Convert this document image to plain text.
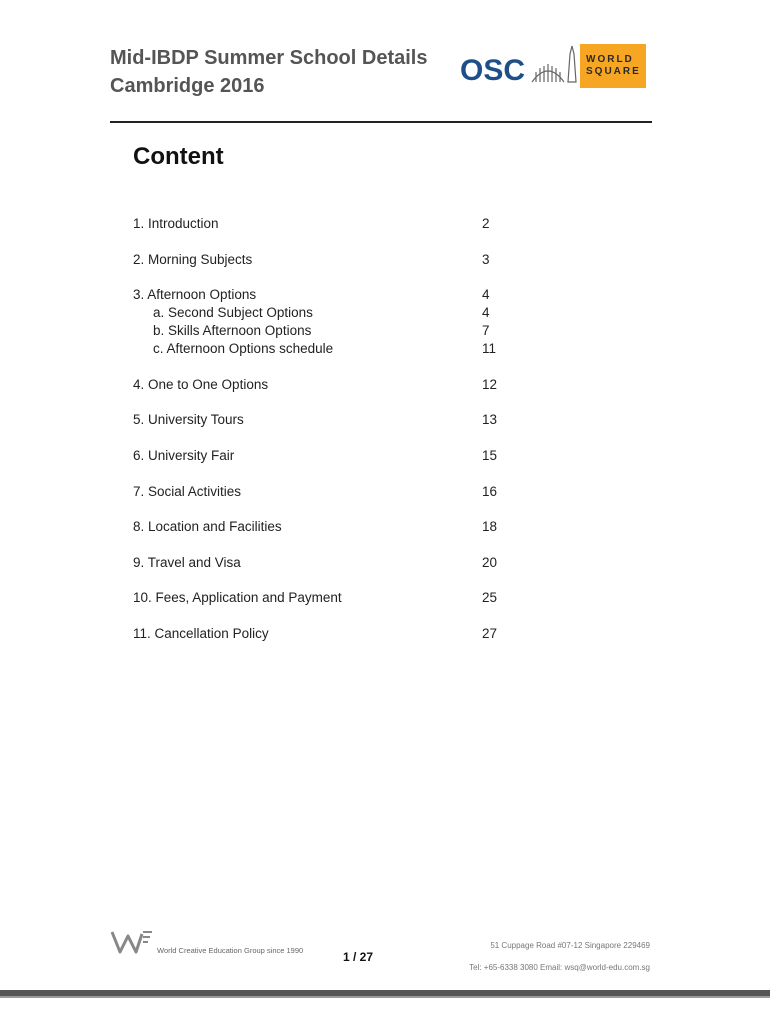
Mid-IBDP Summer School Details
Cambridge 2016	OSC	WORLD
SQUARE
Content
1. Introduction	2
2. Morning Subjects	3
3. Afternoon Options	4
a. Second Subject Options	4
b. Skills Afternoon Options	7
c. Afternoon Options schedule	11
4. One to One Options	12
5. University Tours	13
6. University Fair	15
7. Social Activities	16
8. Location and Facilities	18
9. Travel and Visa	20
10. Fees, Application and Payment	25
11. Cancellation Policy	27
World Creative Education Group since 1990	1 / 27
51 Cuppage Road #07-12 Singapore 229469
Tel: +65-6338 3080 Email: wsq@world-edu.com.sg
